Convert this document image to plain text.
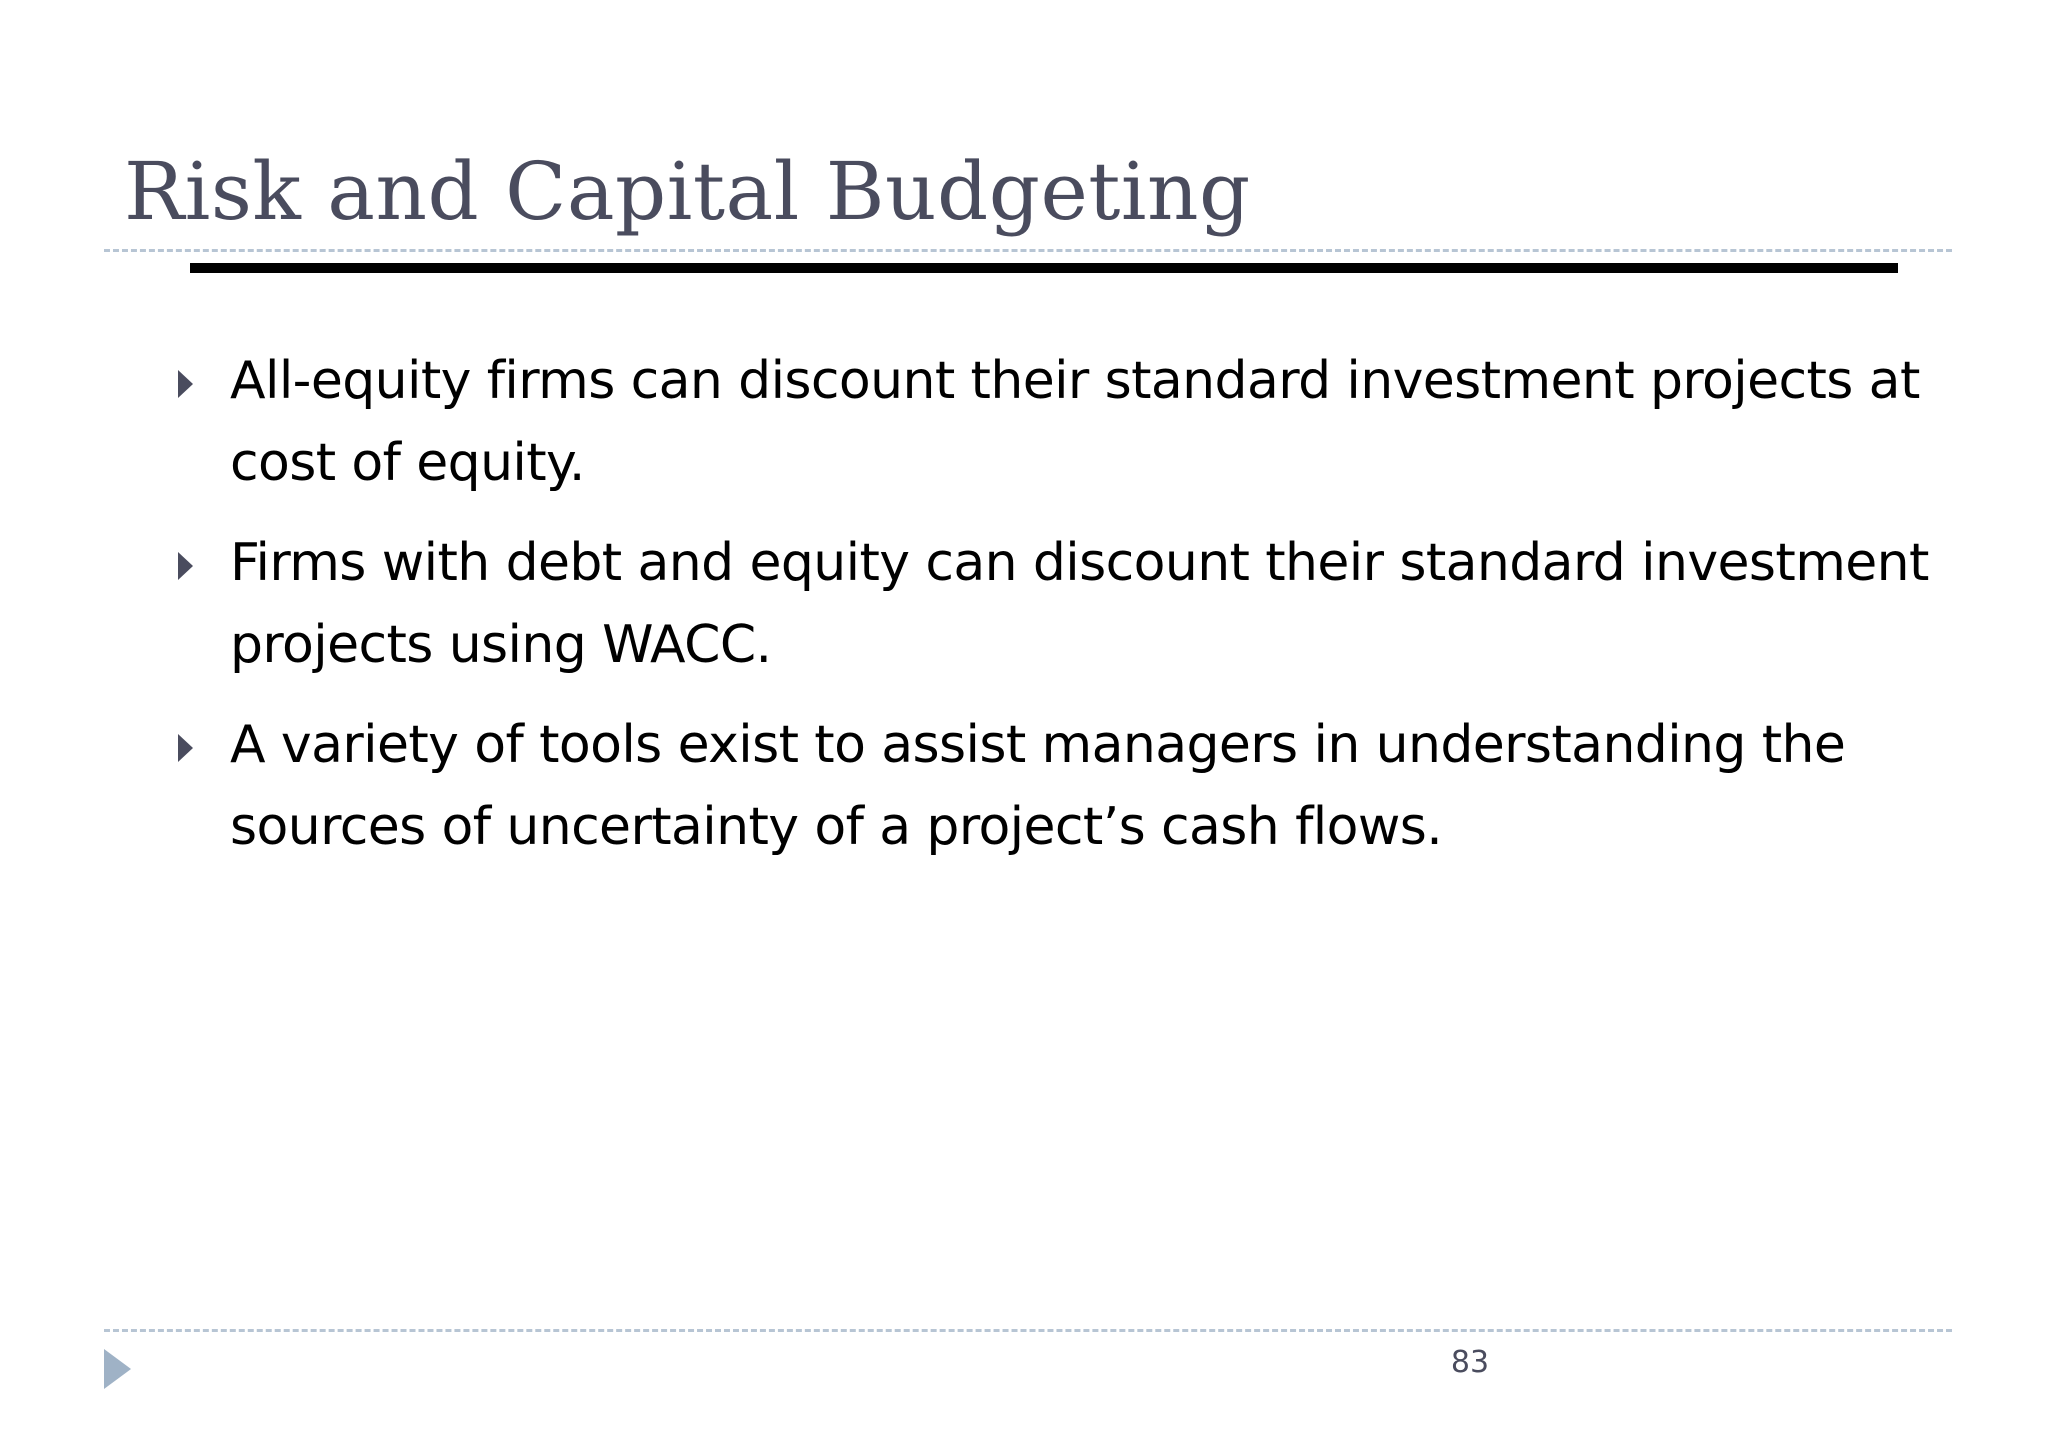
Risk and Capital Budgeting
All-equity firms can discount their standard investment projects at cost of equity.
Firms with debt and equity can discount their standard investment projects using WACC.
A variety of tools exist to assist managers in understanding the sources of uncertainty of a project’s cash flows.
83
